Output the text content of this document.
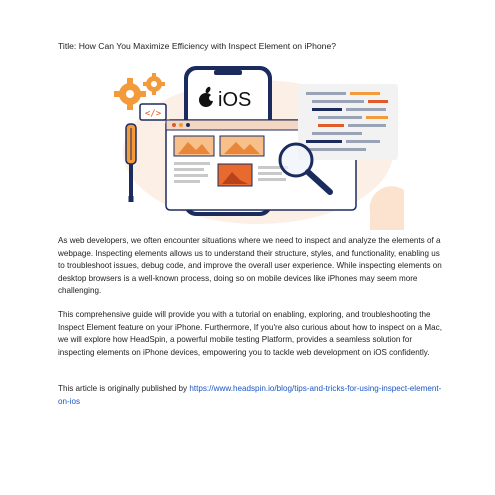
Title: How Can You Maximize Efficiency with Inspect Element on iPhone?
</>
iOS
As web developers, we often encounter situations where we need to inspect and analyze the elements of a webpage. Inspecting elements allows us to understand their structure, styles, and functionality, enabling us to troubleshoot issues, debug code, and improve the overall user experience. While inspecting elements on desktop browsers is a well-known process, doing so on mobile devices like iPhones may seem more challenging.
This comprehensive guide will provide you with a tutorial on enabling, exploring, and troubleshooting the Inspect Element feature on your iPhone. Furthermore, If you're also curious about how to inspect on a Mac, we will explore how HeadSpin, a powerful mobile testing Platform, provides a seamless solution for inspecting elements on iPhone devices, empowering you to tackle web development on iOS confidently.
This article is originally published by https://www.headspin.io/blog/tips-and-tricks-for-using-inspect-element-on-ios
